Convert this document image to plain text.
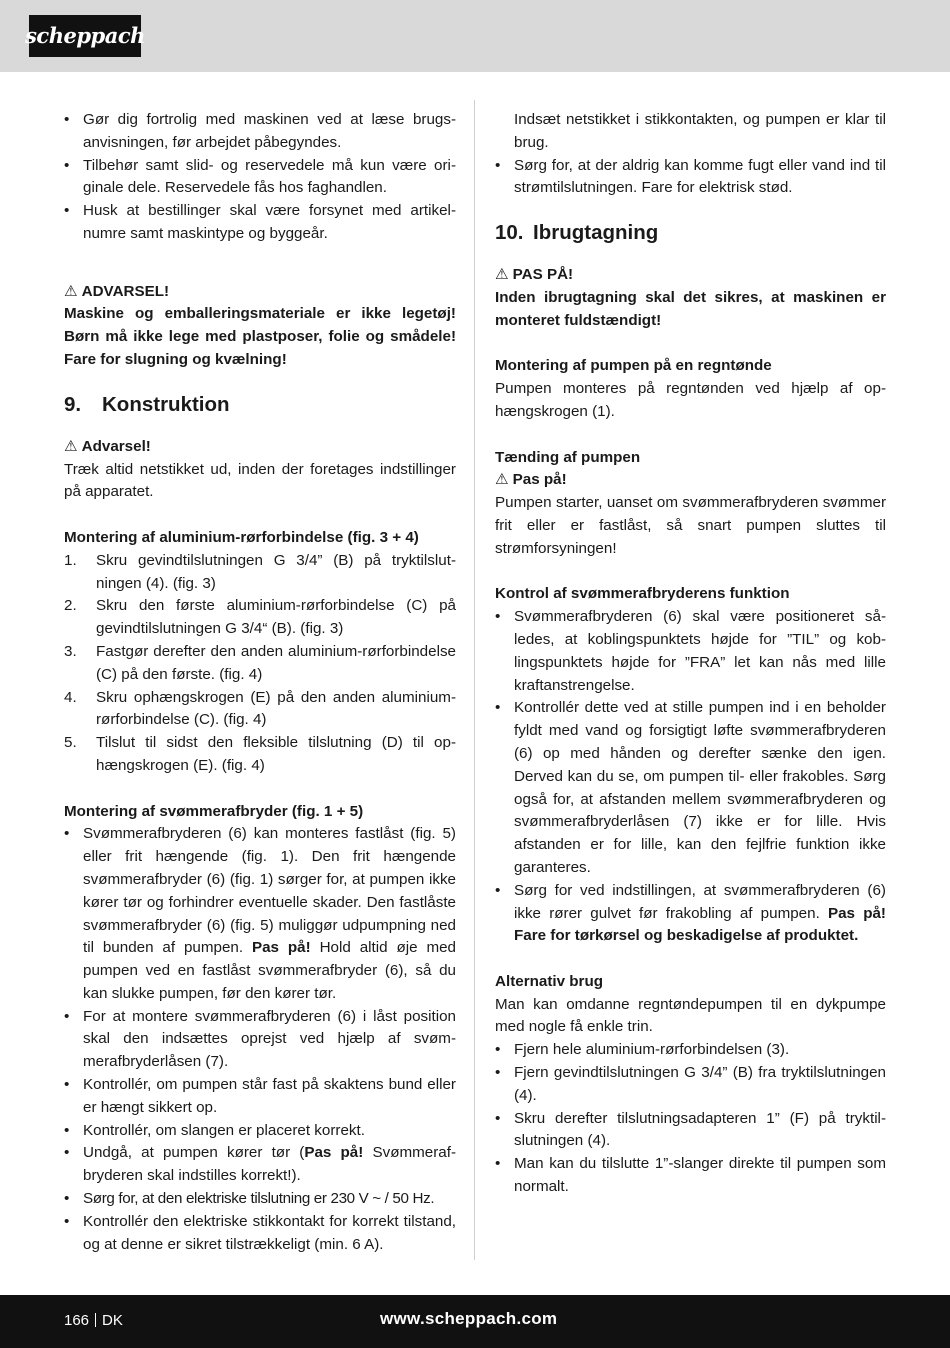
scheppach
• Gør dig fortrolig med maskinen ved at læse brugsanvisningen, før arbejdet påbegyndes.
• Tilbehør samt slid- og reservedele må kun være originale dele. Reservedele fås hos faghandlen.
• Husk at bestillinger skal være forsynet med artikelnumre samt maskintype og byggeår.
⚠ ADVARSEL!

Maskine og emballeringsmateriale er ikke legetøj! Børn må ikke lege med plastposer, folie og smådele! Fare for slugning og kvælning!

9. Konstruktion
⚠ Advarsel!

Træk altid netstikket ud, inden der foretages indstillinger på apparatet.

Montering af aluminium-rørforbindelse (fig. 3 + 4)

1. Skru gevindtilslutningen G 3/4” (B) på tryktilslutningen (4). (fig. 3)
2. Skru den første aluminium-rørforbindelse (C) på gevindtilslutningen G 3/4“ (B). (fig. 3)
3. Fastgør derefter den anden aluminium-rørforbindelse (C) på den første. (fig. 4)
4. Skru ophængskrogen (E) på den anden aluminium-rørforbindelse (C). (fig. 4)
5. Tilslut til sidst den fleksible tilslutning (D) til ophængskrogen (E). (fig. 4)

Montering af svømmerafbryder (fig. 1 + 5)

• Svømmerafbryderen (6) kan monteres fastlåst (fig. 5) eller frit hængende (fig. 1). Den frit hængende svømmerafbryder (6) (fig. 1) sørger for, at pumpen ikke kører tør og forhindrer eventuelle skader. Den fastlåste svømmerafbryder (6) (fig. 5) muliggør udpumpning ned til bunden af pumpen. Pas på! Hold altid øje med pumpen ved en fastlåst svømmerafbryder (6), så du kan slukke pumpen, før den kører tør.
• For at montere svømmerafbryderen (6) i låst position skal den indsættes oprejst ved hjælp af svømmerafbryderlåsen (7).
• Kontrollér, om pumpen står fast på skaktens bund eller er hængt sikkert op.
• Kontrollér, om slangen er placeret korrekt.
• Undgå, at pumpen kører tør (Pas på! Svømmerafbryderen skal indstilles korrekt!).
• Sørg for, at den elektriske tilslutning er 230 V ~ / 50 Hz.
• Kontrollér den elektriske stikkontakt for korrekt tilstand, og at denne er sikret tilstrækkeligt (min. 6 A).

Indsæt netstikket i stikkontakten, og pumpen er klar til brug.

• Sørg for, at der aldrig kan komme fugt eller vand ind til strømtilslutningen. Fare for elektrisk stød.
10. Ibrugtagning
⚠ PAS PÅ!

Inden ibrugtagning skal det sikres, at maskinen er monteret fuldstændigt!

Montering af pumpen på en regntønde

Pumpen monteres på regntønden ved hjælp af ophængskrogen (1).

Tænding af pumpen

⚠ Pas på!

Pumpen starter, uanset om svømmerafbryderen svømmer frit eller er fastlåst, så snart pumpen sluttes til strømforsyningen!

Kontrol af svømmerafbryderens funktion

• Svømmerafbryderen (6) skal være positioneret således, at koblingspunktets højde for ”TIL” og koblingspunktets højde for ”FRA” let kan nås med lille kraftanstrengelse.
• Kontrollér dette ved at stille pumpen ind i en beholder fyldt med vand og forsigtigt løfte svømmerafbryderen (6) op med hånden og derefter sænke den igen. Derved kan du se, om pumpen til- eller frakobles. Sørg også for, at afstanden mellem svømmerafbryderen og svømmerafbryderlåsen (7) ikke er for lille. Hvis afstanden er for lille, kan den fejlfrie funktion ikke garanteres.
• Sørg for ved indstillingen, at svømmerafbryderen (6) ikke rører gulvet før frakobling af pumpen. Pas på! Fare for tørkørsel og beskadigelse af produktet.

Alternativ brug

Man kan omdanne regntøndepumpen til en dykpumpe med nogle få enkle trin.

• Fjern hele aluminium-rørforbindelsen (3).
• Fjern gevindtilslutningen G 3/4” (B) fra tryktilslutningen (4).
• Skru derefter tilslutningsadapteren 1” (F) på tryktilslutningen (4).
• Man kan du tilslutte 1”-slanger direkte til pumpen som normalt.
166 DK	www.scheppach.com
